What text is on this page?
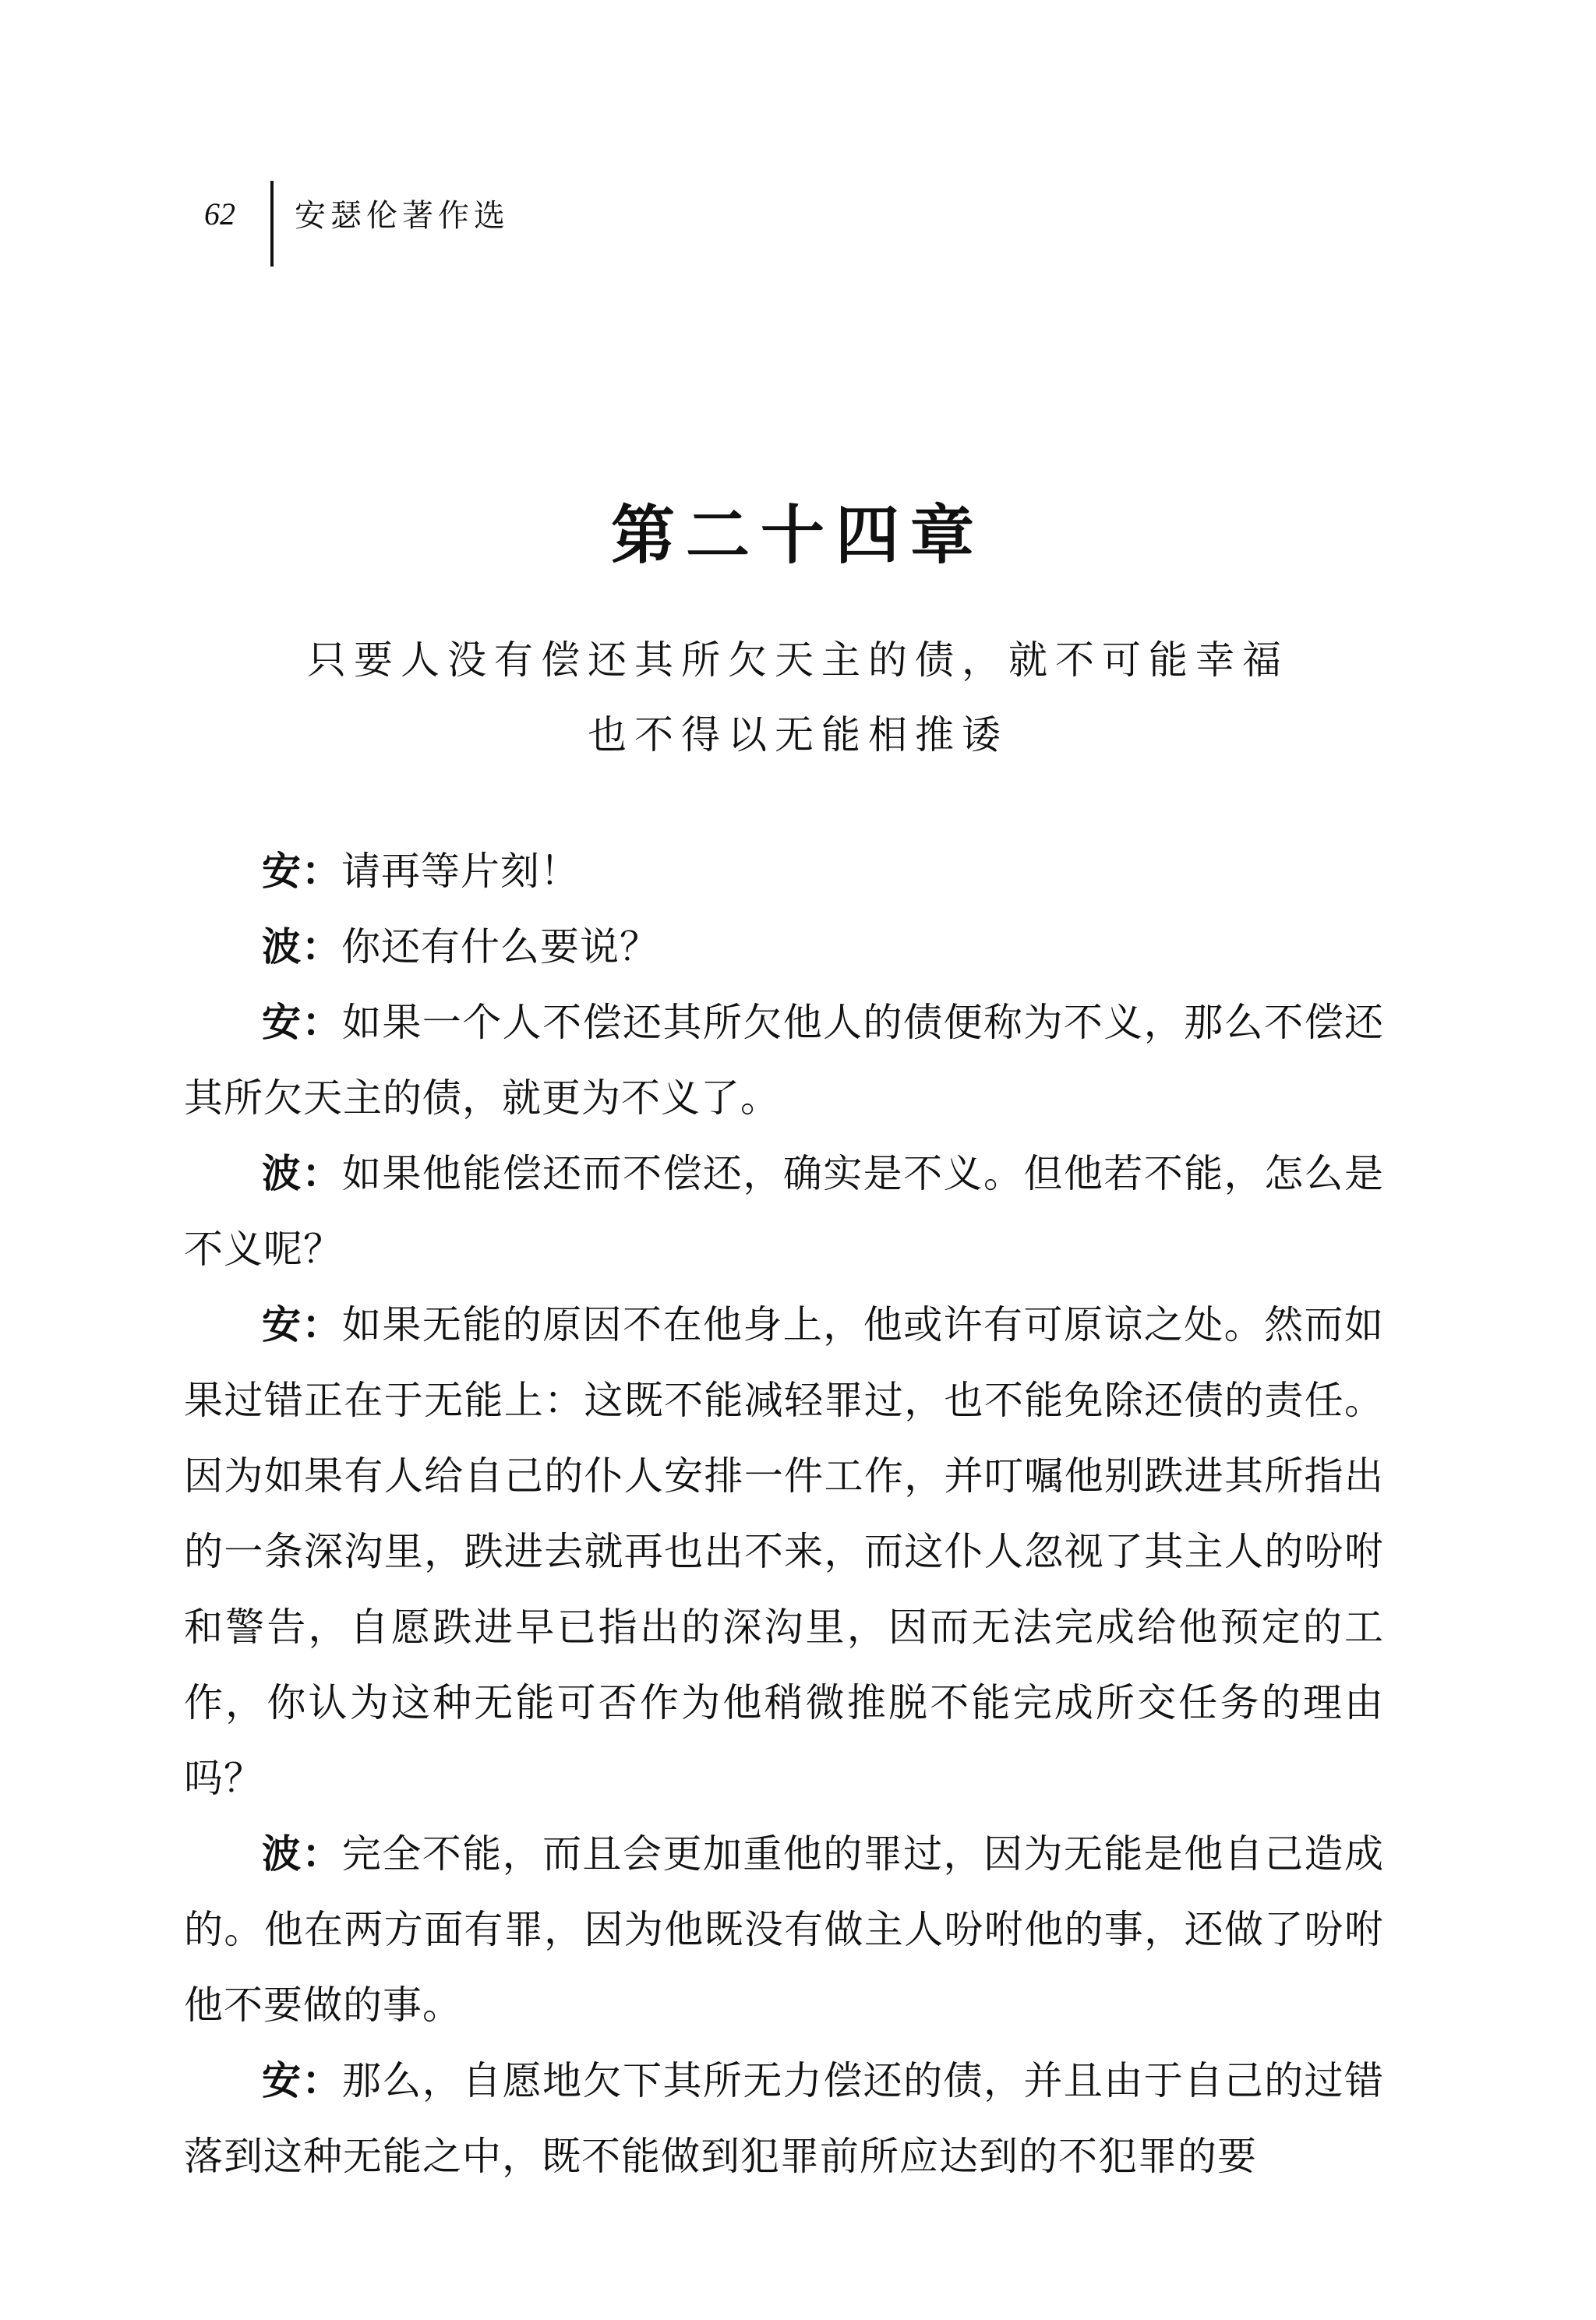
62 安瑟伦著作选
第二十四章
只要人没有偿还其所欠天主的债，就不可能幸福
也不得以无能相推诿

安：请再等片刻！

波：你还有什么要说？

安：如果一个人不偿还其所欠他人的债便称为不义，那么不偿还其所欠天主的债，就更为不义了。

波：如果他能偿还而不偿还，确实是不义。但他若不能，怎么是不义呢？

安：如果无能的原因不在他身上，他或许有可原谅之处。然而如果过错正在于无能上：这既不能减轻罪过，也不能免除还债的责任。因为如果有人给自己的仆人安排一件工作，并叮嘱他别跌进其所指出的一条深沟里，跌进去就再也出不来，而这仆人忽视了其主人的吩咐和警告，自愿跌进早已指出的深沟里，因而无法完成给他预定的工作，你认为这种无能可否作为他稍微推脱不能完成所交任务的理由吗？

波：完全不能，而且会更加重他的罪过，因为无能是他自己造成的。他在两方面有罪，因为他既没有做主人吩咐他的事，还做了吩咐他不要做的事。

安：那么，自愿地欠下其所无力偿还的债，并且由于自己的过错落到这种无能之中，既不能做到犯罪前所应达到的不犯罪的要
